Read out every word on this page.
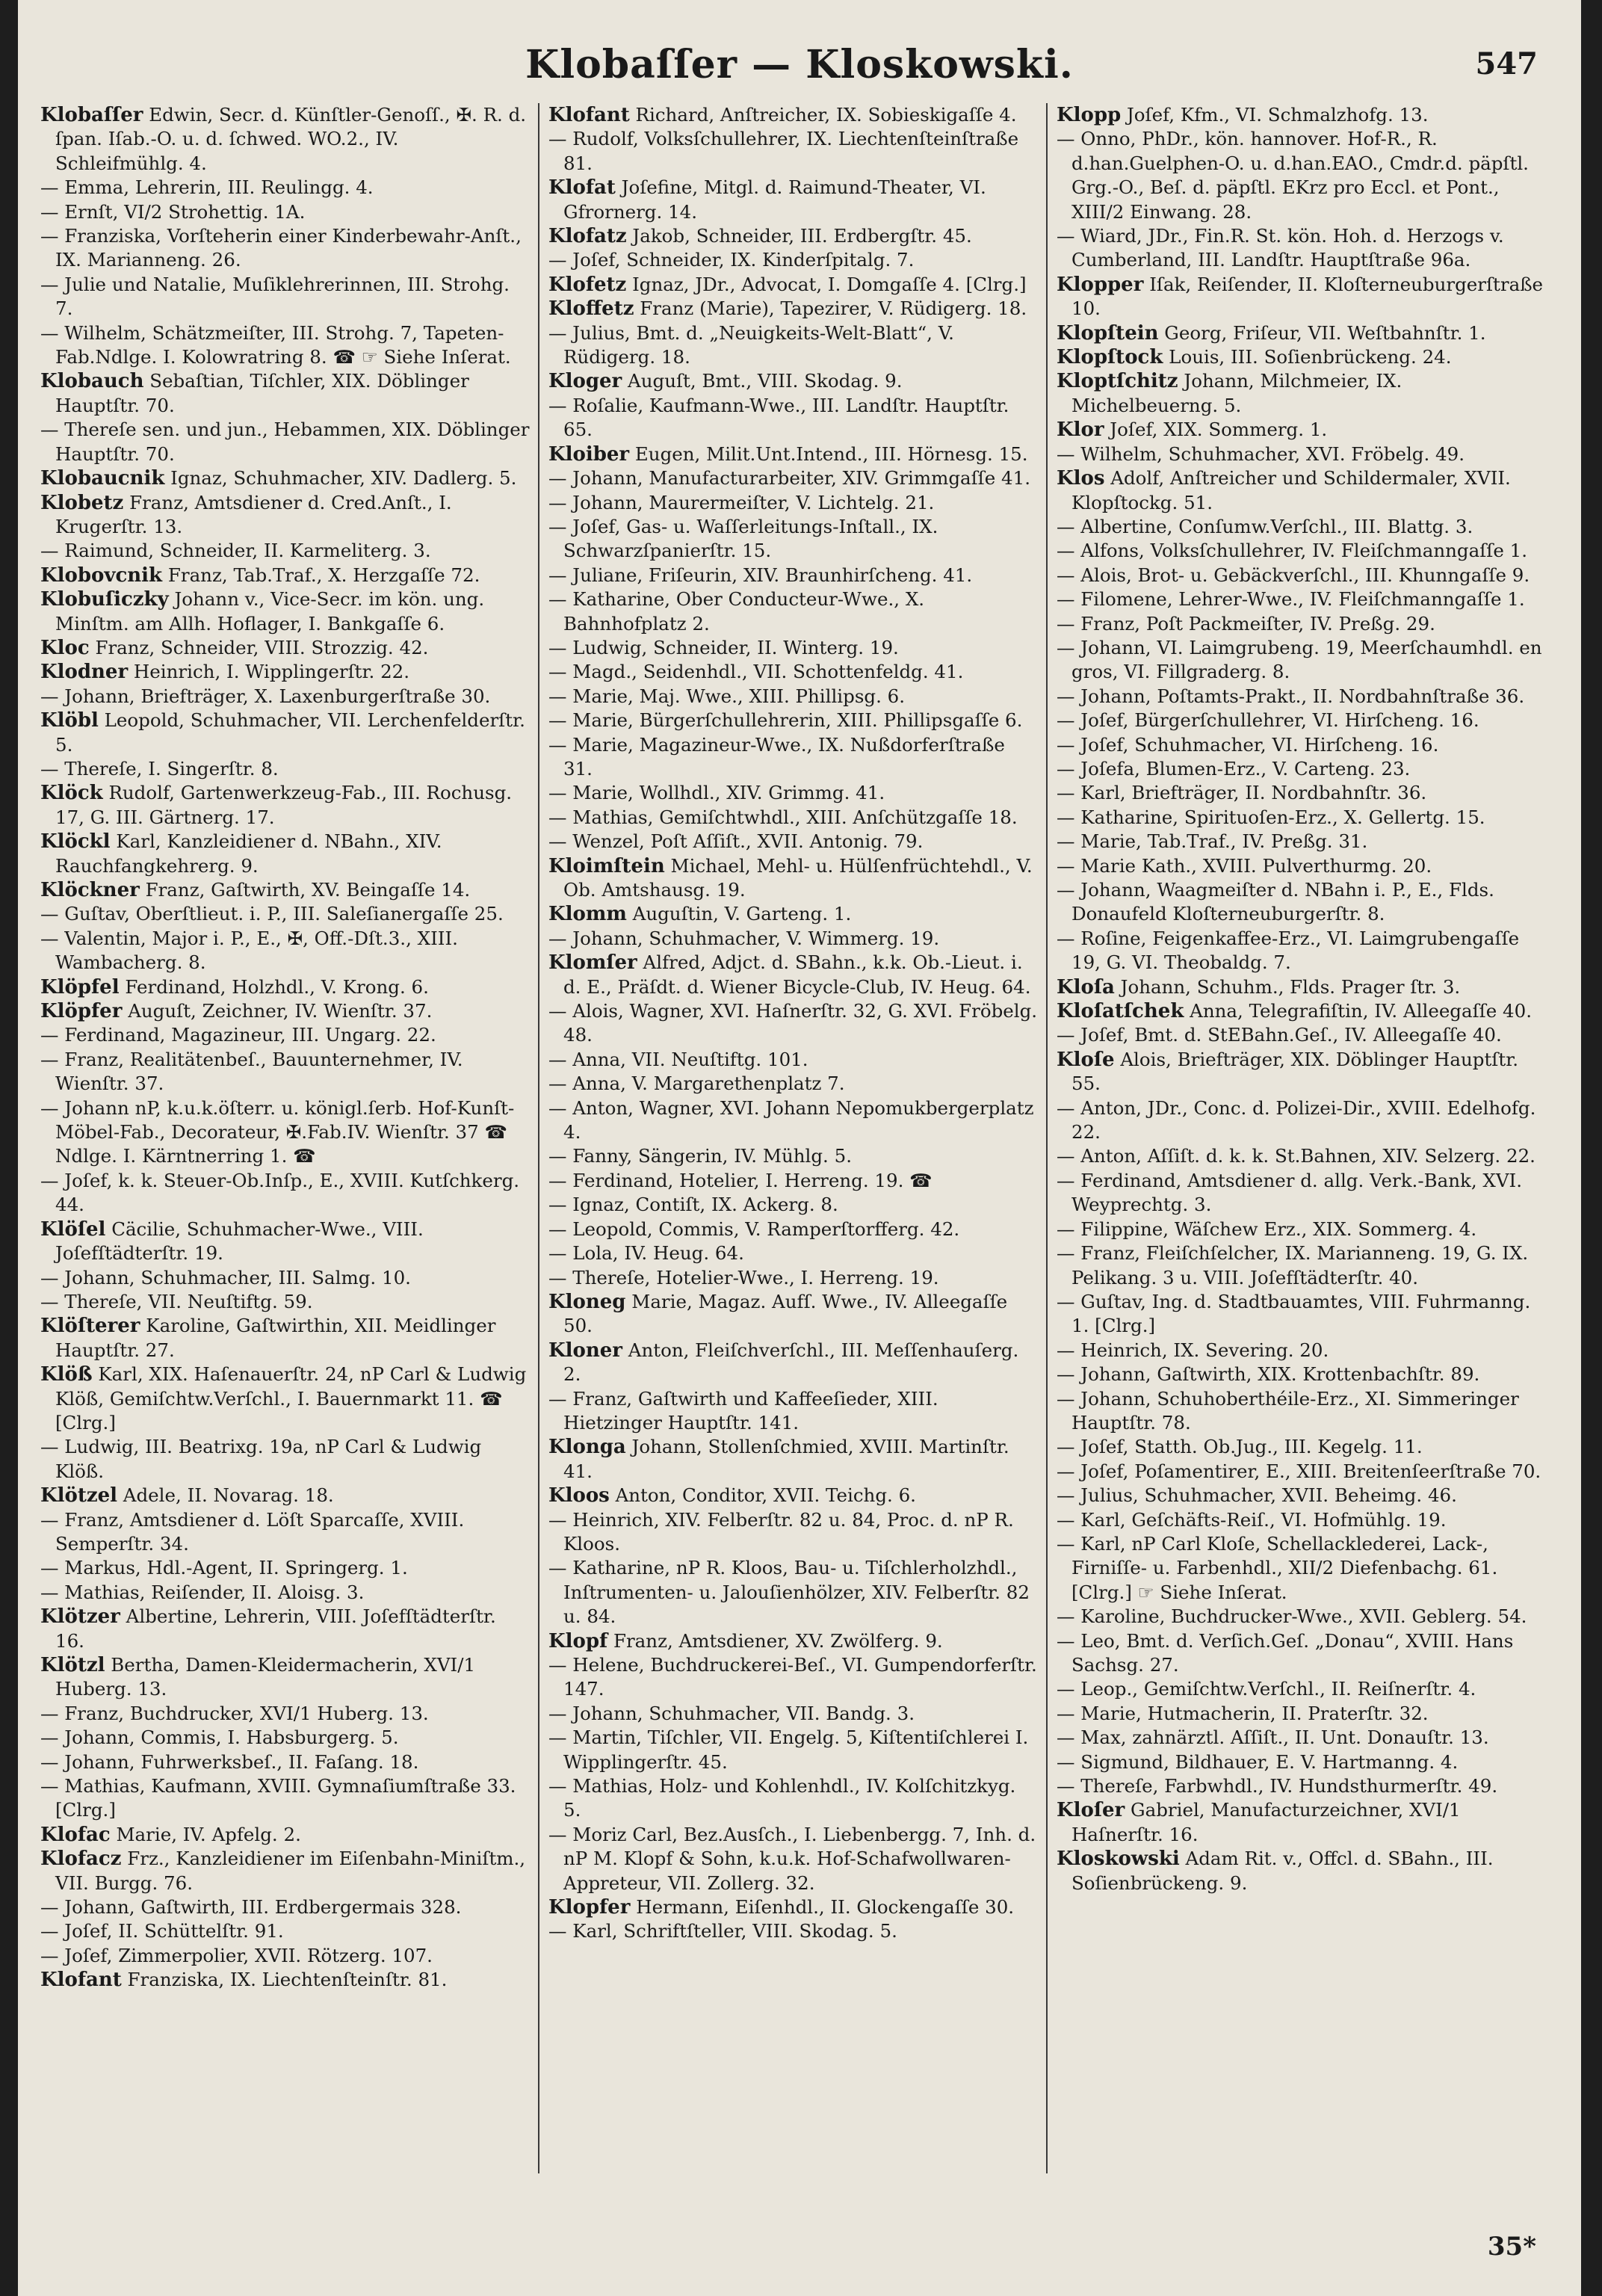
Klobaſſer — Kloskowski.	547

Klobaſſer Edwin, Secr. d. Künſtler-Genoſſ., ✠. R. d. ſpan. Iſab.-O. u. d. ſchwed. WO.2., IV. Schleifmühlg. 4.

— Emma, Lehrerin, III. Reulingg. 4.

— Ernſt, VI/2 Strohettig. 1A.

— Franziska, Vorſteherin einer Kinderbewahr-Anſt., IX. Marianneng. 26.

— Julie und Natalie, Muſiklehrerinnen, III. Strohg. 7.

— Wilhelm, Schätzmeiſter, III. Strohg. 7, Tapeten-Fab.Ndlge. I. Kolowratring 8. ☎ ☞ Siehe Inſerat.

Klobauch Sebaſtian, Tiſchler, XIX. Döblinger Hauptſtr. 70.

— Thereſe sen. und jun., Hebammen, XIX. Döblinger Hauptſtr. 70.

Klobaucnik Ignaz, Schuhmacher, XIV. Dadlerg. 5.

Klobetz Franz, Amtsdiener d. Cred.Anſt., I. Krugerſtr. 13.

— Raimund, Schneider, II. Karmeliterg. 3.

Klobovcnik Franz, Tab.Traf., X. Herzgaſſe 72.

Klobuſiczky Johann v., Vice-Secr. im kön. ung. Minſtm. am Allh. Hoflager, I. Bankgaſſe 6.

Kloc Franz, Schneider, VIII. Strozzig. 42.

Klodner Heinrich, I. Wipplingerſtr. 22.

— Johann, Briefträger, X. Laxenburgerſtraße 30.

Klöbl Leopold, Schuhmacher, VII. Lerchenfelderſtr. 5.

— Thereſe, I. Singerſtr. 8.

Klöck Rudolf, Gartenwerkzeug-Fab., III. Rochusg. 17, G. III. Gärtnerg. 17.

Klöckl Karl, Kanzleidiener d. NBahn., XIV. Rauchfangkehrerg. 9.

Klöckner Franz, Gaſtwirth, XV. Beingaſſe 14.

— Guſtav, Oberſtlieut. i. P., III. Saleſianergaſſe 25.

— Valentin, Major i. P., E., ✠, Off.-Dſt.3., XIII. Wambacherg. 8.

Klöpfel Ferdinand, Holzhdl., V. Krong. 6.

Klöpfer Auguſt, Zeichner, IV. Wienſtr. 37.

— Ferdinand, Magazineur, III. Ungarg. 22.

— Franz, Realitätenbeſ., Bauunternehmer, IV. Wienſtr. 37.

— Johann nP, k.u.k.öſterr. u. königl.ſerb. Hof-Kunſt-Möbel-Fab., Decorateur, ✠.Fab.IV. Wienſtr. 37 ☎ Ndlge. I. Kärntnerring 1. ☎

— Joſef, k. k. Steuer-Ob.Inſp., E., XVIII. Kutſchkerg. 44.

Klöſel Cäcilie, Schuhmacher-Wwe., VIII. Joſefſtädterſtr. 19.

— Johann, Schuhmacher, III. Salmg. 10.

— Thereſe, VII. Neuſtiftg. 59.

Klöſterer Karoline, Gaſtwirthin, XII. Meidlinger Hauptſtr. 27.

Klöß Karl, XIX. Haſenauerſtr. 24, nP Carl & Ludwig Klöß, Gemiſchtw.Verſchl., I. Bauernmarkt 11. ☎ [Clrg.]

— Ludwig, III. Beatrixg. 19a, nP Carl & Ludwig Klöß.

Klötzel Adele, II. Novarag. 18.

— Franz, Amtsdiener d. Löſt Sparcaſſe, XVIII. Semperſtr. 34.

— Markus, Hdl.-Agent, II. Springerg. 1.

— Mathias, Reiſender, II. Aloisg. 3.

Klötzer Albertine, Lehrerin, VIII. Joſefſtädterſtr. 16.

Klötzl Bertha, Damen-Kleidermacherin, XVI/1 Huberg. 13.

— Franz, Buchdrucker, XVI/1 Huberg. 13.

— Johann, Commis, I. Habsburgerg. 5.

— Johann, Fuhrwerksbeſ., II. Faſang. 18.

— Mathias, Kaufmann, XVIII. Gymnaſiumſtraße 33. [Clrg.]

Klofac Marie, IV. Apfelg. 2.

Klofacz Frz., Kanzleidiener im Eiſenbahn-Miniſtm., VII. Burgg. 76.

— Johann, Gaſtwirth, III. Erdbergermais 328.

— Joſef, II. Schüttelſtr. 91.

— Joſef, Zimmerpolier, XVII. Rötzerg. 107.

Klofant Franziska, IX. Liechtenſteinſtr. 81.

Klofant Richard, Anſtreicher, IX. Sobieskigaſſe 4.

— Rudolf, Volksſchullehrer, IX. Liechtenſteinſtraße 81.

Klofat Joſefine, Mitgl. d. Raimund-Theater, VI. Gfrornerg. 14.

Klofatz Jakob, Schneider, III. Erdbergſtr. 45.

— Joſef, Schneider, IX. Kinderſpitalg. 7.

Klofetz Ignaz, JDr., Advocat, I. Domgaſſe 4. [Clrg.]

Kloffetz Franz (Marie), Tapezirer, V. Rüdigerg. 18.

— Julius, Bmt. d. „Neuigkeits-Welt-Blatt“, V. Rüdigerg. 18.

Kloger Auguſt, Bmt., VIII. Skodag. 9.

— Roſalie, Kaufmann-Wwe., III. Landſtr. Hauptſtr. 65.

Kloiber Eugen, Milit.Unt.Intend., III. Hörnesg. 15.

— Johann, Manufacturarbeiter, XIV. Grimmgaſſe 41.

— Johann, Maurermeiſter, V. Lichtelg. 21.

— Joſef, Gas- u. Waſſerleitungs-Inſtall., IX. Schwarzſpanierſtr. 15.

— Juliane, Friſeurin, XIV. Braunhirſcheng. 41.

— Katharine, Ober Conducteur-Wwe., X. Bahnhofplatz 2.

— Ludwig, Schneider, II. Winterg. 19.

— Magd., Seidenhdl., VII. Schottenfeldg. 41.

— Marie, Maj. Wwe., XIII. Phillipsg. 6.

— Marie, Bürgerſchullehrerin, XIII. Phillipsgaſſe 6.

— Marie, Magazineur-Wwe., IX. Nußdorferſtraße 31.

— Marie, Wollhdl., XIV. Grimmg. 41.

— Mathias, Gemiſchtwhdl., XIII. Anſchützgaſſe 18.

— Wenzel, Poſt Aſſiſt., XVII. Antonig. 79.

Kloimſtein Michael, Mehl- u. Hülſenfrüchtehdl., V. Ob. Amtshausg. 19.

Klomm Auguſtin, V. Garteng. 1.

— Johann, Schuhmacher, V. Wimmerg. 19.

Klomſer Alfred, Adjct. d. SBahn., k.k. Ob.-Lieut. i. d. E., Präſdt. d. Wiener Bicycle-Club, IV. Heug. 64.

— Alois, Wagner, XVI. Haſnerſtr. 32, G. XVI. Fröbelg. 48.

— Anna, VII. Neuſtiftg. 101.

— Anna, V. Margarethenplatz 7.

— Anton, Wagner, XVI. Johann Nepomukbergerplatz 4.

— Fanny, Sängerin, IV. Mühlg. 5.

— Ferdinand, Hotelier, I. Herreng. 19. ☎

— Ignaz, Contiſt, IX. Ackerg. 8.

— Leopold, Commis, V. Ramperſtorfferg. 42.

— Lola, IV. Heug. 64.

— Thereſe, Hotelier-Wwe., I. Herreng. 19.

Kloneg Marie, Magaz. Aufſ. Wwe., IV. Alleegaſſe 50.

Kloner Anton, Fleiſchverſchl., III. Meſſenhauſerg. 2.

— Franz, Gaſtwirth und Kaffeeſieder, XIII. Hietzinger Hauptſtr. 141.

Klonga Johann, Stollenſchmied, XVIII. Martinſtr. 41.

Kloos Anton, Conditor, XVII. Teichg. 6.

— Heinrich, XIV. Felberſtr. 82 u. 84, Proc. d. nP R. Kloos.

— Katharine, nP R. Kloos, Bau- u. Tiſchlerholzhdl., Inſtrumenten- u. Jalouſienhölzer, XIV. Felberſtr. 82 u. 84.

Klopf Franz, Amtsdiener, XV. Zwölferg. 9.

— Helene, Buchdruckerei-Beſ., VI. Gumpendorferſtr. 147.

— Johann, Schuhmacher, VII. Bandg. 3.

— Martin, Tiſchler, VII. Engelg. 5, Kiſtentiſchlerei I. Wipplingerſtr. 45.

— Mathias, Holz- und Kohlenhdl., IV. Kolſchitzkyg. 5.

— Moriz Carl, Bez.Ausſch., I. Liebenbergg. 7, Inh. d. nP M. Klopf & Sohn, k.u.k. Hof-Schafwollwaren-Appreteur, VII. Zollerg. 32.

Klopfer Hermann, Eiſenhdl., II. Glockengaſſe 30.

— Karl, Schriftſteller, VIII. Skodag. 5.

Klopp Joſef, Kfm., VI. Schmalzhofg. 13.

— Onno, PhDr., kön. hannover. Hof-R., R. d.han.Guelphen-O. u. d.han.EAO., Cmdr.d. päpſtl. Grg.-O., Beſ. d. päpſtl. EKrz pro Eccl. et Pont., XIII/2 Einwang. 28.

— Wiard, JDr., Fin.R. St. kön. Hoh. d. Herzogs v. Cumberland, III. Landſtr. Hauptſtraße 96a.

Klopper Iſak, Reiſender, II. Kloſterneuburgerſtraße 10.

Klopſtein Georg, Friſeur, VII. Weſtbahnſtr. 1.

Klopſtock Louis, III. Soſienbrückeng. 24.

Kloptſchitz Johann, Milchmeier, IX. Michelbeuerng. 5.

Klor Joſef, XIX. Sommerg. 1.

— Wilhelm, Schuhmacher, XVI. Fröbelg. 49.

Klos Adolf, Anſtreicher und Schildermaler, XVII. Klopſtockg. 51.

— Albertine, Conſumw.Verſchl., III. Blattg. 3.

— Alfons, Volksſchullehrer, IV. Fleiſchmanngaſſe 1.

— Alois, Brot- u. Gebäckverſchl., III. Khunngaſſe 9.

— Filomene, Lehrer-Wwe., IV. Fleiſchmanngaſſe 1.

— Franz, Poſt Packmeiſter, IV. Preßg. 29.

— Johann, VI. Laimgrubeng. 19, Meerſchaumhdl. en gros, VI. Fillgraderg. 8.

— Johann, Poſtamts-Prakt., II. Nordbahnſtraße 36.

— Joſef, Bürgerſchullehrer, VI. Hirſcheng. 16.

— Joſef, Schuhmacher, VI. Hirſcheng. 16.

— Joſefa, Blumen-Erz., V. Carteng. 23.

— Karl, Briefträger, II. Nordbahnſtr. 36.

— Katharine, Spirituoſen-Erz., X. Gellertg. 15.

— Marie, Tab.Traf., IV. Preßg. 31.

— Marie Kath., XVIII. Pulverthurmg. 20.

— Johann, Waagmeiſter d. NBahn i. P., E., Flds. Donaufeld Kloſterneuburgerſtr. 8.

— Roſine, Feigenkaffee-Erz., VI. Laimgrubengaſſe 19, G. VI. Theobaldg. 7.

Kloſa Johann, Schuhm., Flds. Prager ſtr. 3.

Kloſatſchek Anna, Telegrafiſtin, IV. Alleegaſſe 40.

— Joſef, Bmt. d. StEBahn.Geſ., IV. Alleegaſſe 40.

Kloſe Alois, Briefträger, XIX. Döblinger Hauptſtr. 55.

— Anton, JDr., Conc. d. Polizei-Dir., XVIII. Edelhofg. 22.

— Anton, Aſſiſt. d. k. k. St.Bahnen, XIV. Selzerg. 22.

— Ferdinand, Amtsdiener d. allg. Verk.-Bank, XVI. Weyprechtg. 3.

— Filippine, Wäſchew Erz., XIX. Sommerg. 4.

— Franz, Fleiſchſelcher, IX. Marianneng. 19, G. IX. Pelikang. 3 u. VIII. Joſefſtädterſtr. 40.

— Guſtav, Ing. d. Stadtbauamtes, VIII. Fuhrmanng. 1. [Clrg.]

— Heinrich, IX. Severing. 20.

— Johann, Gaſtwirth, XIX. Krottenbachſtr. 89.

— Johann, Schuhoberthéile-Erz., XI. Simmeringer Hauptſtr. 78.

— Joſef, Statth. Ob.Jug., III. Kegelg. 11.

— Joſef, Poſamentirer, E., XIII. Breitenſeerſtraße 70.

— Julius, Schuhmacher, XVII. Beheimg. 46.

— Karl, Geſchäfts-Reiſ., VI. Hofmühlg. 19.

— Karl, nP Carl Kloſe, Schellacklederei, Lack-, Firniſſe- u. Farbenhdl., XII/2 Diefenbachg. 61. [Clrg.] ☞ Siehe Inſerat.

— Karoline, Buchdrucker-Wwe., XVII. Geblerg. 54.

— Leo, Bmt. d. Verſich.Geſ. „Donau“, XVIII. Hans Sachsg. 27.

— Leop., Gemiſchtw.Verſchl., II. Reiſnerſtr. 4.

— Marie, Hutmacherin, II. Praterſtr. 32.

— Max, zahnärztl. Aſſiſt., II. Unt. Donauſtr. 13.

— Sigmund, Bildhauer, E. V. Hartmanng. 4.

— Thereſe, Farbwhdl., IV. Hundsthurmerſtr. 49.

Kloſer Gabriel, Manufacturzeichner, XVI/1 Haſnerſtr. 16.

Kloskowski Adam Rit. v., Offcl. d. SBahn., III. Soſienbrückeng. 9.

35*
